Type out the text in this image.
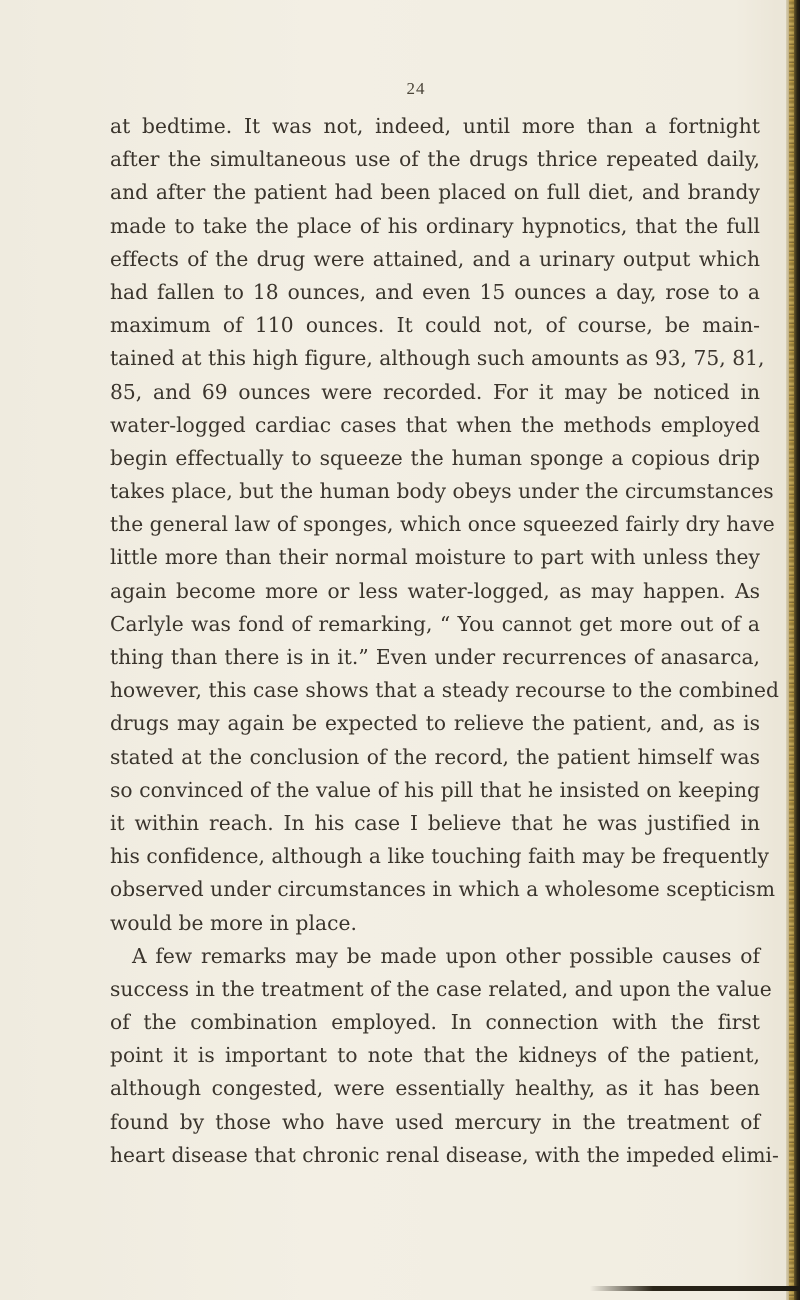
24
at bedtime. It was not, indeed, until more than a fortnight
after the simultaneous use of the drugs thrice repeated daily,
and after the patient had been placed on full diet, and brandy
made to take the place of his ordinary hypnotics, that the full
effects of the drug were attained, and a urinary output which
had fallen to 18 ounces, and even 15 ounces a day, rose to a
maximum of 110 ounces. It could not, of course, be main-
tained at this high figure, although such amounts as 93, 75, 81,
85, and 69 ounces were recorded. For it may be noticed in
water-logged cardiac cases that when the methods employed
begin effectually to squeeze the human sponge a copious drip
takes place, but the human body obeys under the circumstances
the general law of sponges, which once squeezed fairly dry have
little more than their normal moisture to part with unless they
again become more or less water-logged, as may happen. As
Carlyle was fond of remarking, “ You cannot get more out of a
thing than there is in it.” Even under recurrences of anasarca,
however, this case shows that a steady recourse to the combined
drugs may again be expected to relieve the patient, and, as is
stated at the conclusion of the record, the patient himself was
so convinced of the value of his pill that he insisted on keeping
it within reach. In his case I believe that he was justified in
his confidence, although a like touching faith may be frequently
observed under circumstances in which a wholesome scepticism
would be more in place.
A few remarks may be made upon other possible causes of
success in the treatment of the case related, and upon the value
of the combination employed. In connection with the first
point it is important to note that the kidneys of the patient,
although congested, were essentially healthy, as it has been
found by those who have used mercury in the treatment of
heart disease that chronic renal disease, with the impeded elimi-
